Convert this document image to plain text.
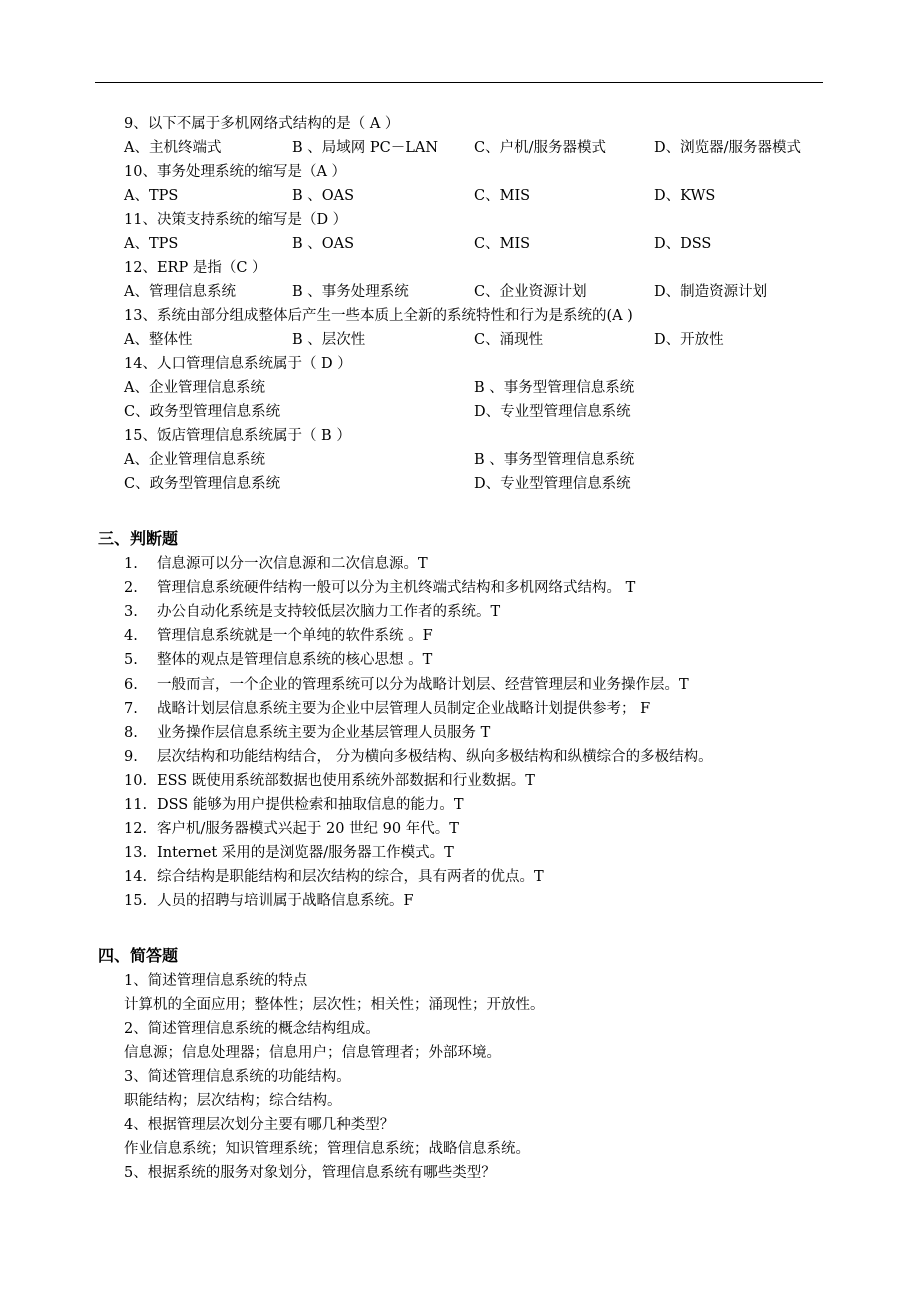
9、以下不属于多机网络式结构的是（ A ）
A、主机终端式	B 、局域网 PC－LAN C、户机/服务器模式	D、浏览器/服务器模式
10、事务处理系统的缩写是（A ）
A、TPS	B 、OAS	C、MIS	D、KWS
11、决策支持系统的缩写是（D ）
A、TPS	B 、OAS	C、MIS	D、DSS
12、ERP 是指（C ）
A、管理信息系统	B 、事务处理系统	C、企业资源计划	D、制造资源计划
13、系统由部分组成整体后产生一些本质上全新的系统特性和行为是系统的(A )
A、整体性	B 、层次性	C、涌现性	D、开放性
14、人口管理信息系统属于（ D ）
A、企业管理信息系统	B 、事务型管理信息系统
C、政务型管理信息系统	D、专业型管理信息系统
15、饭店管理信息系统属于（ B ）
A、企业管理信息系统	B 、事务型管理信息系统
C、政务型管理信息系统	D、专业型管理信息系统
三、判断题
1. 信息源可以分一次信息源和二次信息源。T
2. 管理信息系统硬件结构一般可以分为主机终端式结构和多机网络式结构。 T
3. 办公自动化系统是支持较低层次脑力工作者的系统。T
4. 管理信息系统就是一个单纯的软件系统 。F
5. 整体的观点是管理信息系统的核心思想 。T
6. 一般而言，一个企业的管理系统可以分为战略计划层、经营管理层和业务操作层。T
7. 战略计划层信息系统主要为企业中层管理人员制定企业战略计划提供参考； F
8. 业务操作层信息系统主要为企业基层管理人员服务 T
9. 层次结构和功能结构结合， 分为横向多极结构、纵向多极结构和纵横综合的多极结构。
10. ESS 既使用系统部数据也使用系统外部数据和行业数据。T
11. DSS 能够为用户提供检索和抽取信息的能力。T
12. 客户机/服务器模式兴起于 20 世纪 90 年代。T
13. Internet 采用的是浏览器/服务器工作模式。T
14. 综合结构是职能结构和层次结构的综合，具有两者的优点。T
15. 人员的招聘与培训属于战略信息系统。F
四、简答题
1、简述管理信息系统的特点
计算机的全面应用；整体性；层次性；相关性；涌现性；开放性。
2、简述管理信息系统的概念结构组成。
信息源；信息处理器；信息用户；信息管理者；外部环境。
3、简述管理信息系统的功能结构。
职能结构；层次结构；综合结构。
4、根据管理层次划分主要有哪几种类型？
作业信息系统；知识管理系统；管理信息系统；战略信息系统。
5、根据系统的服务对象划分，管理信息系统有哪些类型？
